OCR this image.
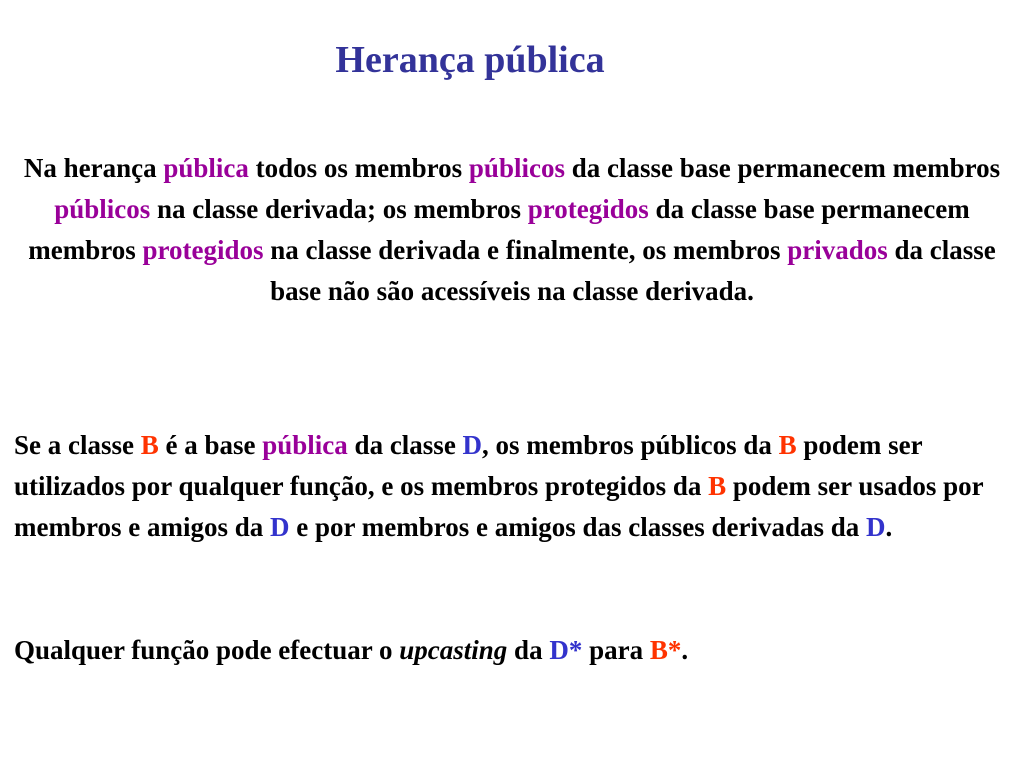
Herança pública
Na herança pública todos os membros públicos da classe base permanecem membros públicos na classe derivada; os membros protegidos da classe base permanecem membros protegidos na classe derivada e finalmente, os membros privados da classe base não são acessíveis na classe derivada.
Se a classe B é a base pública da classe D, os membros públicos da B podem ser utilizados por qualquer função, e os membros protegidos da B podem ser usados por membros e amigos da D e por membros e amigos das classes derivadas da D.
Qualquer função pode efectuar o upcasting da D* para B*.
